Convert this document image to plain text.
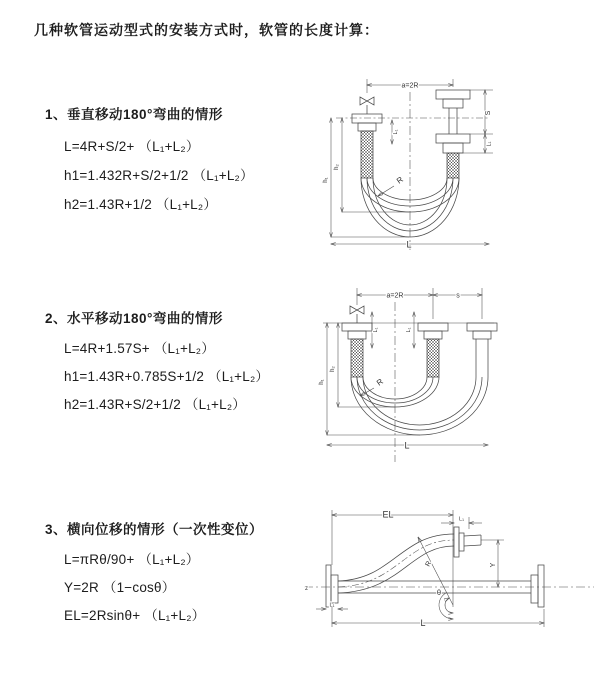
几种软管运动型式的安装方式时，软管的长度计算：
1、垂直移动180°弯曲的情形
L=4R+S/2+ （L₁+L₂）
h1=1.432R+S/2+1/2 （L₁+L₂）
h2=1.43R+1/2 （L₁+L₂）
2、水平移动180°弯曲的情形
L=4R+1.57S+ （L₁+L₂）
h1=1.43R+0.785S+1/2 （L₁+L₂）
h2=1.43R+S/2+1/2 （L₁+L₂）
3、横向位移的情形（一次性变位）
L=πRθ/90+ （L₁+L₂）
Y=2R （1−cosθ）
EL=2Rsinθ+ （L₁+L₂）
a=2R
L₁
S
L₁
R
h₁
h₂
L
a=2R	s
L₁	L₁
R
h₁
h₂
L
z
EL	L₁
Y
R
θ
L₁
L
